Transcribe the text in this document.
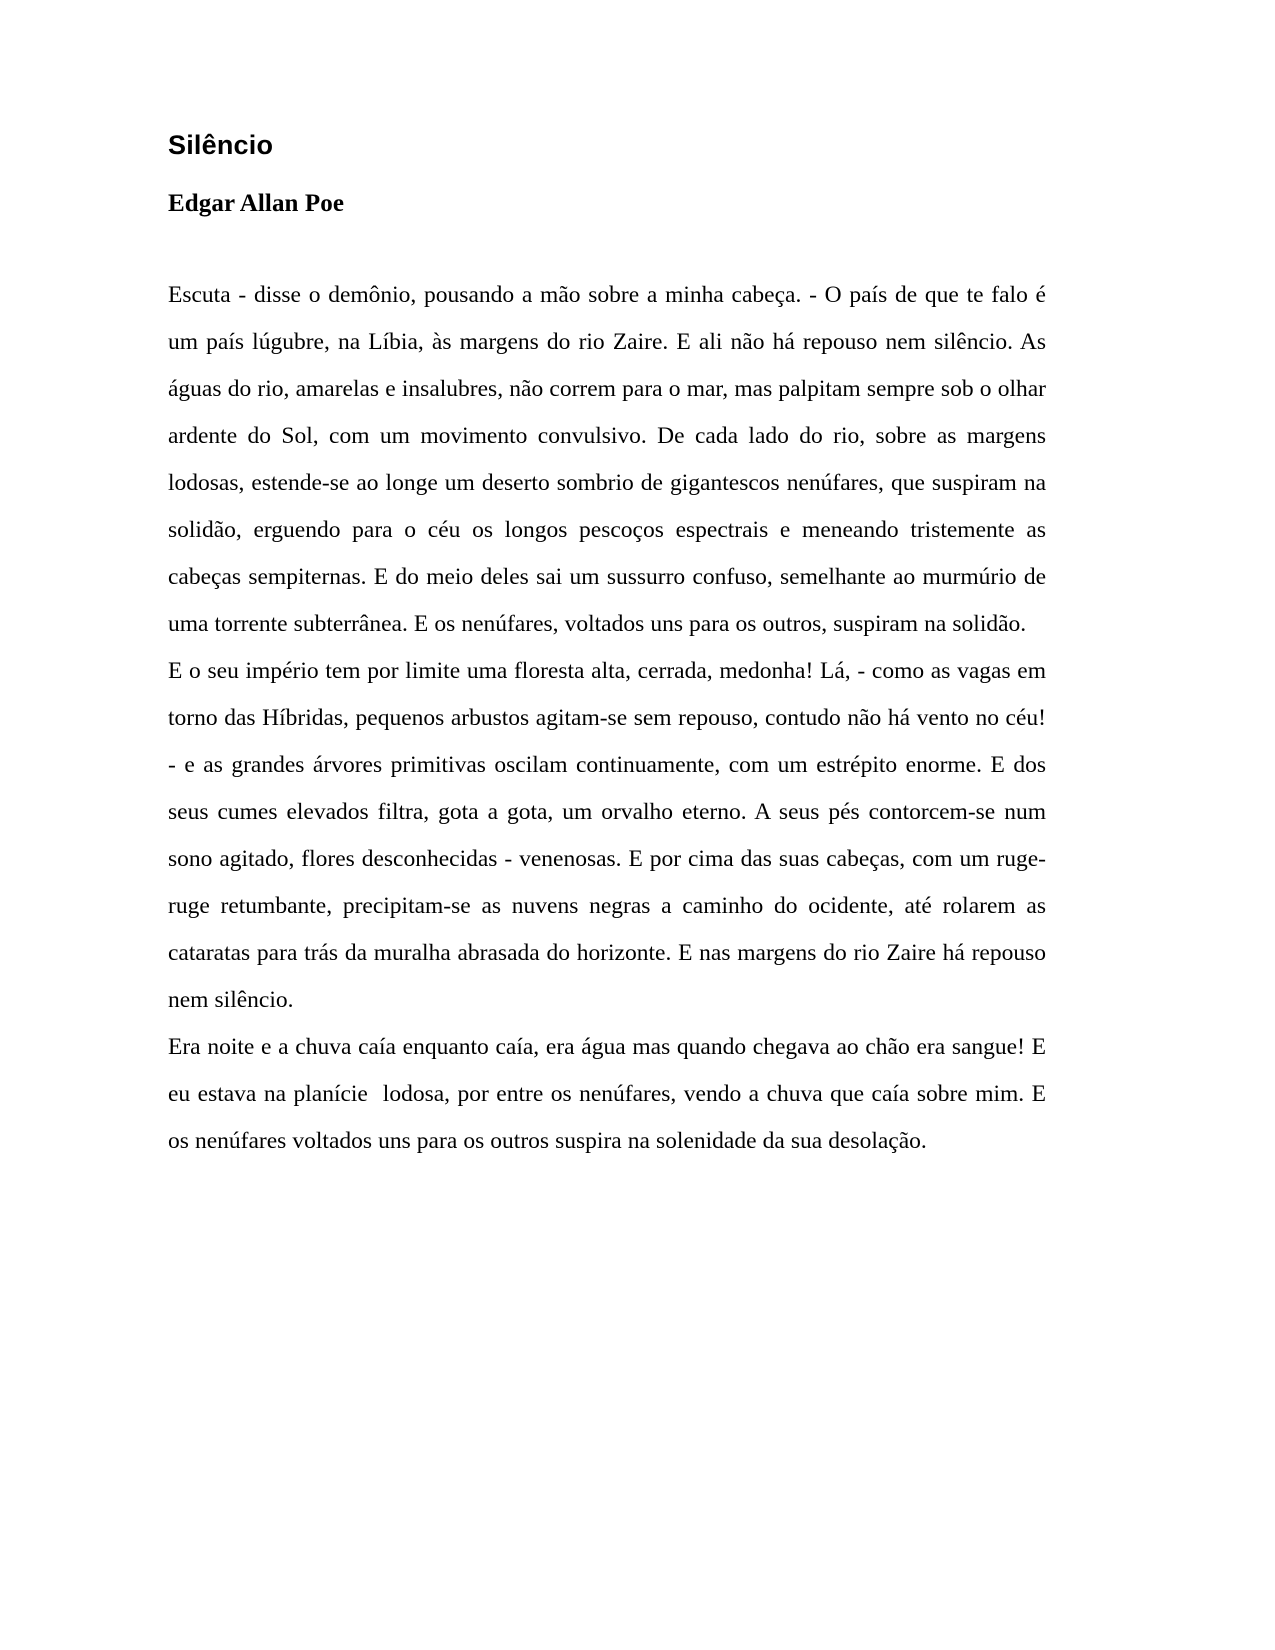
Silêncio
Edgar Allan Poe

Escuta - disse o demônio, pousando a mão sobre a minha cabeça. - O país de que te falo é um país lúgubre, na Líbia, às margens do rio Zaire. E ali não há repouso nem silêncio. As águas do rio, amarelas e insalubres, não correm para o mar, mas palpitam sempre sob o olhar ardente do Sol, com um movimento convulsivo. De cada lado do rio, sobre as margens lodosas, estende-se ao longe um deserto sombrio de gigantescos nenúfares, que suspiram na solidão, erguendo para o céu os longos pescoços espectrais e meneando tristemente as cabeças sempiternas. E do meio deles sai um sussurro confuso, semelhante ao murmúrio de uma torrente subterrânea. E os nenúfares, voltados uns para os outros, suspiram na solidão.

E o seu império tem por limite uma floresta alta, cerrada, medonha! Lá, - como as vagas em torno das Híbridas, pequenos arbustos agitam-se sem repouso, contudo não há vento no céu! - e as grandes árvores primitivas oscilam continuamente, com um estrépito enorme. E dos seus cumes elevados filtra, gota a gota, um orvalho eterno. A seus pés contorcem-se num sono agitado, flores desconhecidas - venenosas. E por cima das suas cabeças, com um ruge-ruge retumbante, precipitam-se as nuvens negras a caminho do ocidente, até rolarem as cataratas para trás da muralha abrasada do horizonte. E nas margens do rio Zaire há repouso nem silêncio.

Era noite e a chuva caía enquanto caía, era água mas quando chegava ao chão era sangue! E eu estava na planície  lodosa, por entre os nenúfares, vendo a chuva que caía sobre mim. E os nenúfares voltados uns para os outros suspira na solenidade da sua desolação.
